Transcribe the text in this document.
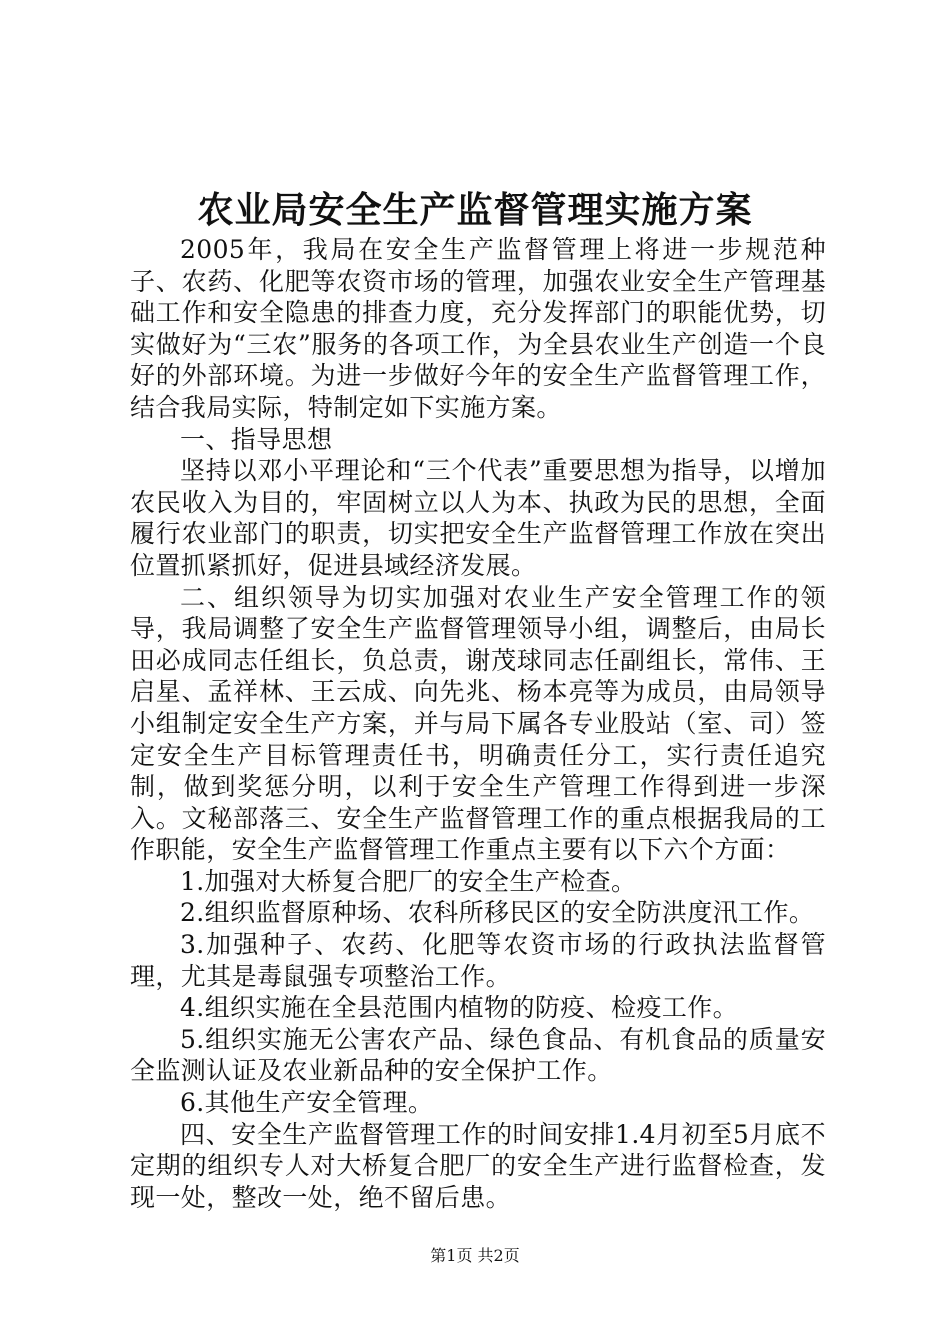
农业局安全生产监督管理实施方案

2005年，我局在安全生产监督管理上将进一步规范种子、农药、化肥等农资市场的管理，加强农业安全生产管理基础工作和安全隐患的排查力度，充分发挥部门的职能优势，切实做好为“三农”服务的各项工作，为全县农业生产创造一个良好的外部环境。为进一步做好今年的安全生产监督管理工作，结合我局实际，特制定如下实施方案。

一、指导思想

坚持以邓小平理论和“三个代表”重要思想为指导，以增加农民收入为目的，牢固树立以人为本、执政为民的思想，全面履行农业部门的职责，切实把安全生产监督管理工作放在突出位置抓紧抓好，促进县域经济发展。

二、组织领导为切实加强对农业生产安全管理工作的领导，我局调整了安全生产监督管理领导小组，调整后，由局长田必成同志任组长，负总责，谢茂球同志任副组长，常伟、王启星、孟祥林、王云成、向先兆、杨本亮等为成员，由局领导小组制定安全生产方案，并与局下属各专业股站（室、司）签定安全生产目标管理责任书，明确责任分工，实行责任追究制，做到奖惩分明，以利于安全生产管理工作得到进一步深入。文秘部落三、安全生产监督管理工作的重点根据我局的工作职能，安全生产监督管理工作重点主要有以下六个方面：

1.加强对大桥复合肥厂的安全生产检查。

2.组织监督原种场、农科所移民区的安全防洪度汛工作。

3.加强种子、农药、化肥等农资市场的行政执法监督管理，尤其是毒鼠强专项整治工作。

4.组织实施在全县范围内植物的防疫、检疫工作。

5.组织实施无公害农产品、绿色食品、有机食品的质量安全监测认证及农业新品种的安全保护工作。

6.其他生产安全管理。

四、安全生产监督管理工作的时间安排1.4月初至5月底不定期的组织专人对大桥复合肥厂的安全生产进行监督检查，发现一处，整改一处，绝不留后患。

第1页 共2页
